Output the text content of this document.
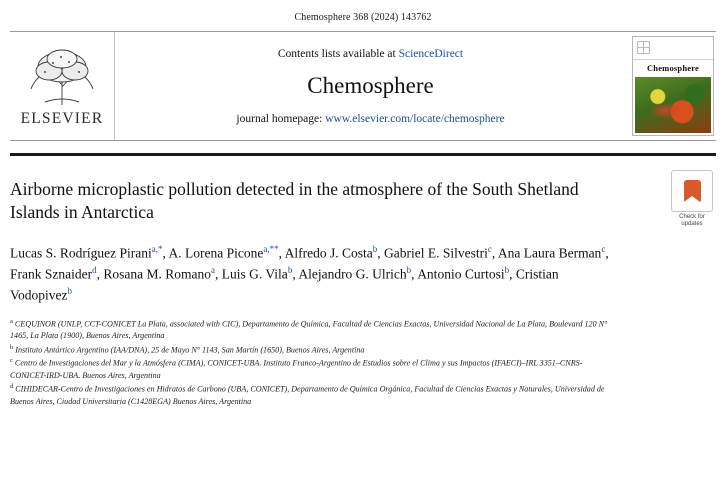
Chemosphere 368 (2024) 143762
ELSEVIER
Contents lists available at ScienceDirect
Chemosphere
journal homepage: www.elsevier.com/locate/chemosphere
Chemosphere
Check for
updates
Airborne microplastic pollution detected in the atmosphere of the South Shetland Islands in Antarctica
Lucas S. Rodríguez Pirani$^{a,*}$, A. Lorena Picone$^{a,**}$, Alfredo J. Costa$^b$, Gabriel E. Silvestri$^c$, Ana Laura Berman$^c$, Frank Sznaider$^d$, Rosana M. Romano$^a$, Luis G. Vila$^b$, Alejandro G. Ulrich$^b$, Antonio Curtosi$^b$, Cristian Vodopivez$^b$

$^a$ CEQUINOR (UNLP, CCT-CONICET La Plata, associated with CIC), Departamento de Química, Facultad de Ciencias Exactas, Universidad Nacional de La Plata, Boulevard 120 N° 1465, La Plata (1900), Buenos Aires, Argentina

$^b$ Instituto Antártico Argentino (IAA/DNA), 25 de Mayo N° 1143, San Martín (1650), Buenos Aires, Argentina

$^c$ Centro de Investigaciones del Mar y la Atmósfera (CIMA), CONICET-UBA. Instituto Franco-Argentino de Estudios sobre el Clima y sus Impactos (IFAECI)–IRL 3351–CNRS-CONICET-IRD-UBA. Buenos Aires, Argentina

$^d$ CIHIDECAR-Centro de Investigaciones en Hidratos de Carbono (UBA, CONICET), Departamento de Química Orgánica, Facultad de Ciencias Exactas y Naturales, Universidad de Buenos Aires, Ciudad Universitaria (C1428EGA) Buenos Aires, Argentina
